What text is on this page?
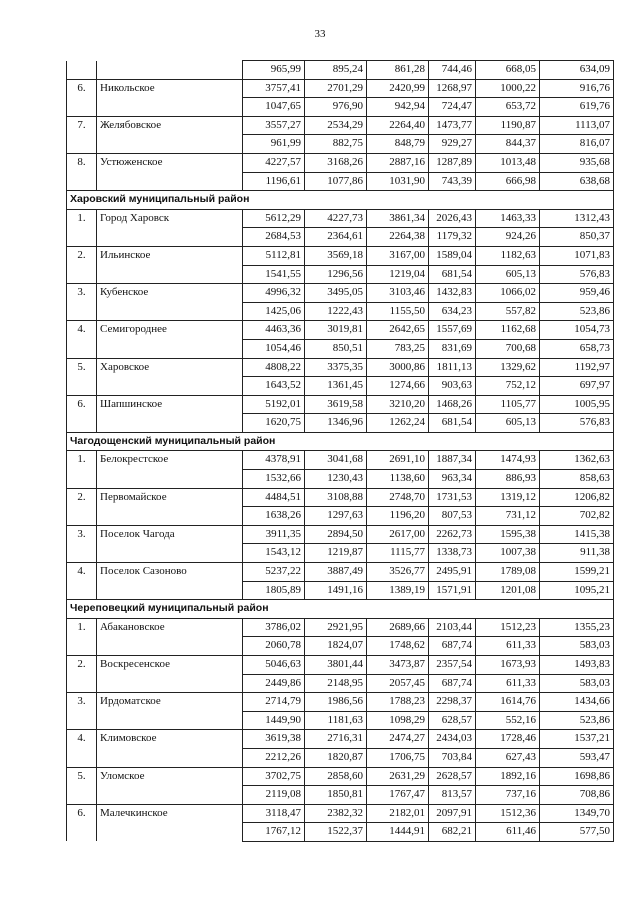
33
		965,99	895,24	861,28	744,46	668,05	634,09
6.	Никольское	3757,41	2701,29	2420,99	1268,97	1000,22	916,76
		1047,65	976,90	942,94	724,47	653,72	619,76
7.	Желябовское	3557,27	2534,29	2264,40	1473,77	1190,87	1113,07
		961,99	882,75	848,79	929,27	844,37	816,07
8.	Устюженское	4227,57	3168,26	2887,16	1287,89	1013,48	935,68
		1196,61	1077,86	1031,90	743,39	666,98	638,68
Харовский муниципальный район							
1.	Город Харовск	5612,29	4227,73	3861,34	2026,43	1463,33	1312,43
		2684,53	2364,61	2264,38	1179,32	924,26	850,37
2.	Ильинское	5112,81	3569,18	3167,00	1589,04	1182,63	1071,83
		1541,55	1296,56	1219,04	681,54	605,13	576,83
3.	Кубенское	4996,32	3495,05	3103,46	1432,83	1066,02	959,46
		1425,06	1222,43	1155,50	634,23	557,82	523,86
4.	Семигороднее	4463,36	3019,81	2642,65	1557,69	1162,68	1054,73
		1054,46	850,51	783,25	831,69	700,68	658,73
5.	Харовское	4808,22	3375,35	3000,86	1811,13	1329,62	1192,97
		1643,52	1361,45	1274,66	903,63	752,12	697,97
6.	Шапшинское	5192,01	3619,58	3210,20	1468,26	1105,77	1005,95
		1620,75	1346,96	1262,24	681,54	605,13	576,83
Чагодощенский муниципальный район							
1.	Белокрестское	4378,91	3041,68	2691,10	1887,34	1474,93	1362,63
		1532,66	1230,43	1138,60	963,34	886,93	858,63
2.	Первомайское	4484,51	3108,88	2748,70	1731,53	1319,12	1206,82
		1638,26	1297,63	1196,20	807,53	731,12	702,82
3.	Поселок Чагода	3911,35	2894,50	2617,00	2262,73	1595,38	1415,38
		1543,12	1219,87	1115,77	1338,73	1007,38	911,38
4.	Поселок Сазоново	5237,22	3887,49	3526,77	2495,91	1789,08	1599,21
		1805,89	1491,16	1389,19	1571,91	1201,08	1095,21
Череповецкий муниципальный район							
1.	Абакановское	3786,02	2921,95	2689,66	2103,44	1512,23	1355,23
		2060,78	1824,07	1748,62	687,74	611,33	583,03
2.	Воскресенское	5046,63	3801,44	3473,87	2357,54	1673,93	1493,83
		2449,86	2148,95	2057,45	687,74	611,33	583,03
3.	Ирдоматское	2714,79	1986,56	1788,23	2298,37	1614,76	1434,66
		1449,90	1181,63	1098,29	628,57	552,16	523,86
4.	Климовское	3619,38	2716,31	2474,27	2434,03	1728,46	1537,21
		2212,26	1820,87	1706,75	703,84	627,43	593,47
5.	Уломское	3702,75	2858,60	2631,29	2628,57	1892,16	1698,86
		2119,08	1850,81	1767,47	813,57	737,16	708,86
6.	Малечкинское	3118,47	2382,32	2182,01	2097,91	1512,36	1349,70
		1767,12	1522,37	1444,91	682,21	611,46	577,50
